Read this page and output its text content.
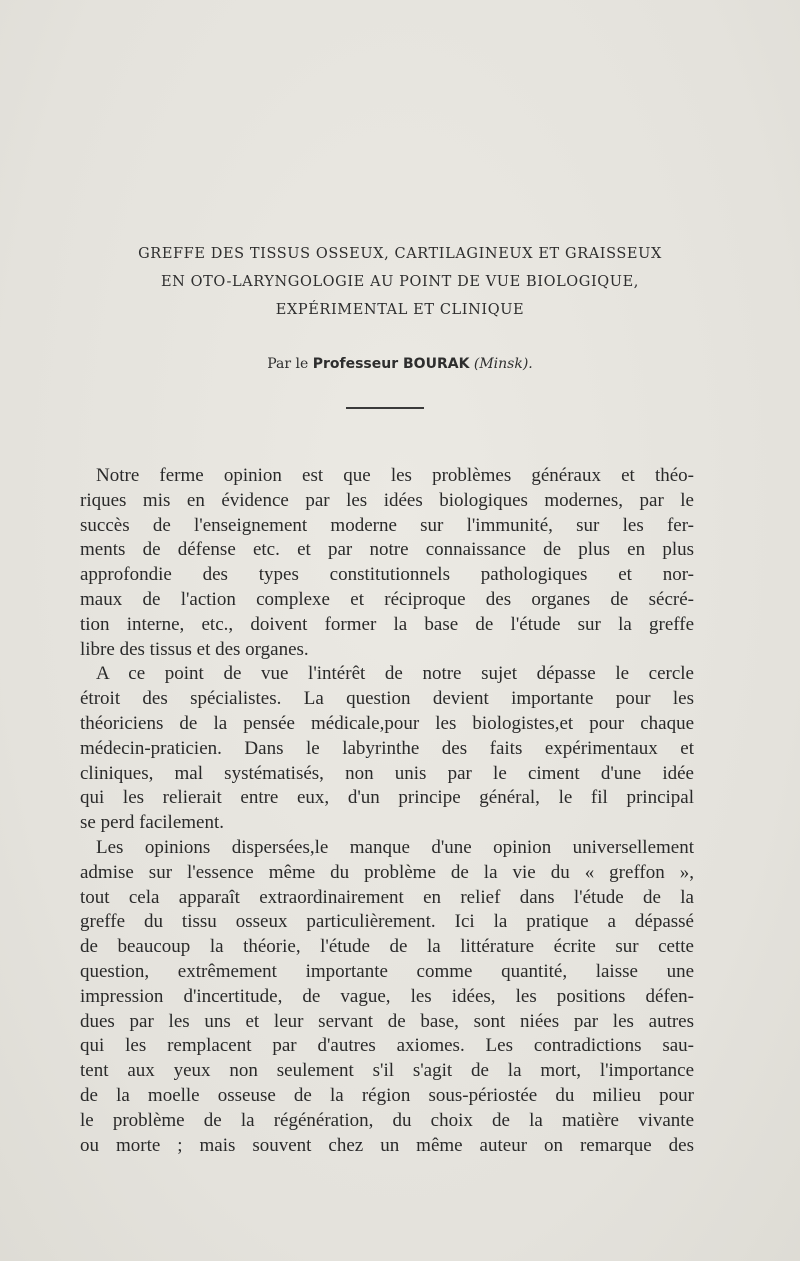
GREFFE DES TISSUS OSSEUX, CARTILAGINEUX ET GRAISSEUX
EN OTO-LARYNGOLOGIE AU POINT DE VUE BIOLOGIQUE,
EXPÉRIMENTAL ET CLINIQUE
Par le Professeur BOURAK (Minsk).
Notre ferme opinion est que les problèmes généraux et théo-
riques mis en évidence par les idées biologiques modernes, par le
succès de l'enseignement moderne sur l'immunité, sur les fer-
ments de défense etc. et par notre connaissance de plus en plus
approfondie des types constitutionnels pathologiques et nor-
maux de l'action complexe et réciproque des organes de sécré-
tion interne, etc., doivent former la base de l'étude sur la greffe
libre des tissus et des organes.
A ce point de vue l'intérêt de notre sujet dépasse le cercle
étroit des spécialistes. La question devient importante pour les
théoriciens de la pensée médicale,pour les biologistes,et pour chaque
médecin-praticien. Dans le labyrinthe des faits expérimentaux et
cliniques, mal systématisés, non unis par le ciment d'une idée
qui les relierait entre eux, d'un principe général, le fil principal
se perd facilement.
Les opinions dispersées,le manque d'une opinion universellement
admise sur l'essence même du problème de la vie du « greffon »,
tout cela apparaît extraordinairement en relief dans l'étude de la
greffe du tissu osseux particulièrement. Ici la pratique a dépassé
de beaucoup la théorie, l'étude de la littérature écrite sur cette
question, extrêmement importante comme quantité, laisse une
impression d'incertitude, de vague, les idées, les positions défen-
dues par les uns et leur servant de base, sont niées par les autres
qui les remplacent par d'autres axiomes. Les contradictions sau-
tent aux yeux non seulement s'il s'agit de la mort, l'importance
de la moelle osseuse de la région sous-périostée du milieu pour
le problème de la régénération, du choix de la matière vivante
ou morte ; mais souvent chez un même auteur on remarque des
